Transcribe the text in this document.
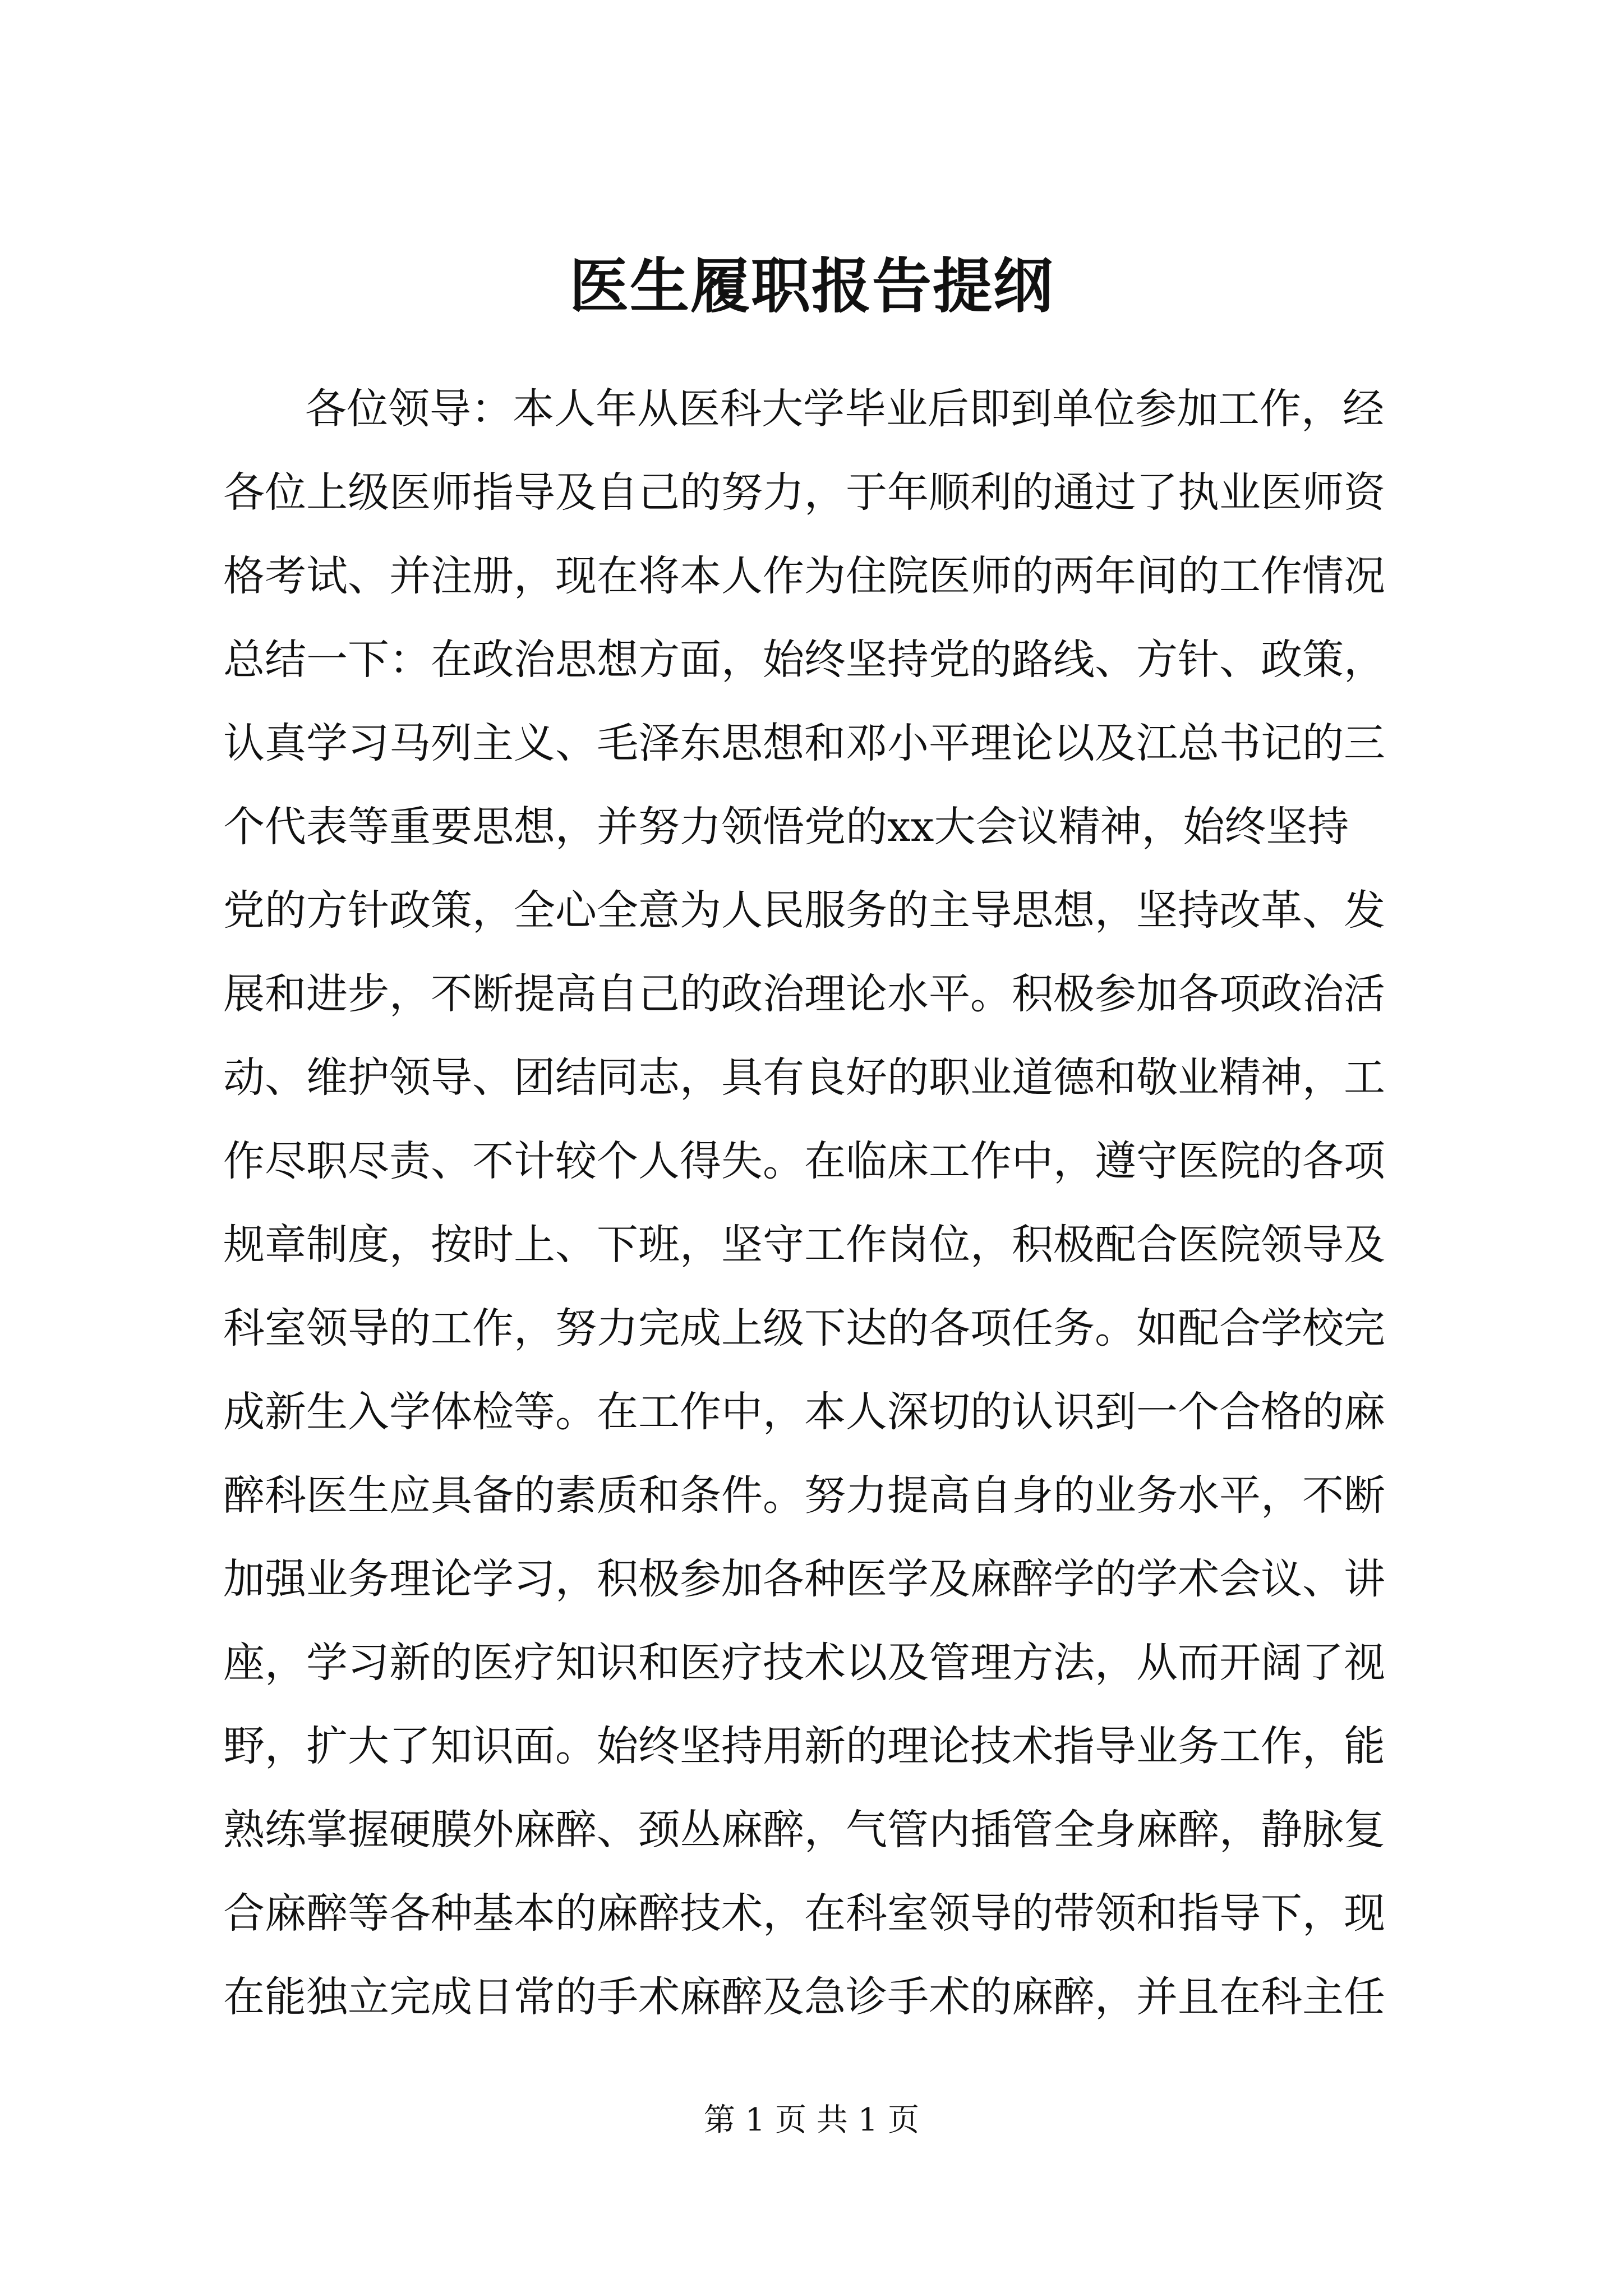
医生履职报告提纲
各位领导：本人年从医科大学毕业后即到单位参加工作，经
各位上级医师指导及自己的努力，于年顺利的通过了执业医师资
格考试、并注册，现在将本人作为住院医师的两年间的工作情况
总结一下：在政治思想方面，始终坚持党的路线、方针、政策，
认真学习马列主义、毛泽东思想和邓小平理论以及江总书记的三
个代表等重要思想，并努力领悟党的xx大会议精神，始终坚持
党的方针政策，全心全意为人民服务的主导思想，坚持改革、发
展和进步，不断提高自己的政治理论水平。积极参加各项政治活
动、维护领导、团结同志，具有良好的职业道德和敬业精神，工
作尽职尽责、不计较个人得失。在临床工作中，遵守医院的各项
规章制度，按时上、下班，坚守工作岗位，积极配合医院领导及
科室领导的工作，努力完成上级下达的各项任务。如配合学校完
成新生入学体检等。在工作中，本人深切的认识到一个合格的麻
醉科医生应具备的素质和条件。努力提高自身的业务水平，不断
加强业务理论学习，积极参加各种医学及麻醉学的学术会议、讲
座，学习新的医疗知识和医疗技术以及管理方法，从而开阔了视
野，扩大了知识面。始终坚持用新的理论技术指导业务工作，能
熟练掌握硬膜外麻醉、颈丛麻醉，气管内插管全身麻醉，静脉复
合麻醉等各种基本的麻醉技术，在科室领导的带领和指导下，现
在能独立完成日常的手术麻醉及急诊手术的麻醉，并且在科主任
第 1 页 共 1 页
